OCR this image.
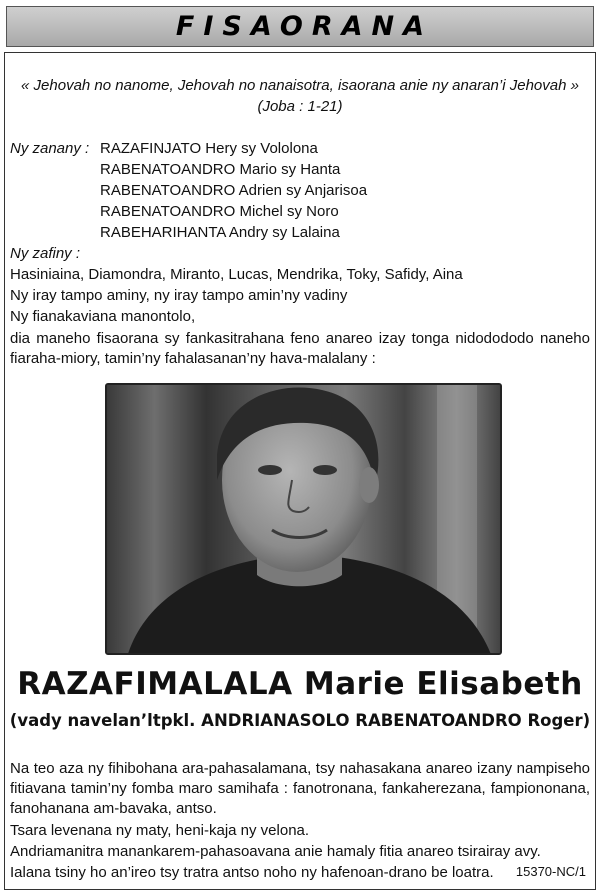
FISAORANA
« Jehovah no nanome, Jehovah no nanaisotra, isaorana anie ny anaran’i Jehovah »
(Joba : 1-21)
Ny zanany : RAZAFINJATO Hery sy Vololona
RABENATOANDRO Mario sy Hanta
RABENATOANDRO Adrien sy Anjarisoa
RABENATOANDRO Michel sy Noro
RABEHARIHANTA Andry sy Lalaina
Ny zafiny :
Hasiniaina, Diamondra, Miranto, Lucas, Mendrika, Toky, Safidy, Aina
Ny iray tampo aminy, ny iray tampo amin’ny vadiny
Ny fianakaviana manontolo,
dia maneho fisaorana sy fankasitrahana feno anareo izay tonga nidodododo naneho fiaraha-miory, tamin’ny fahalasanan’ny hava-malalany :
RAZAFIMALALA Marie Elisabeth
(vady navelan’ltpkl. ANDRIANASOLO RABENATOANDRO Roger)
Na teo aza ny fihibohana ara-pahasalamana, tsy nahasakana anareo izany nampiseho fitiavana tamin’ny fomba maro samihafa : fanotronana, fankaherezana, fampiononana, fanohanana am-bavaka, antso.
Tsara levenana ny maty, heni-kaja ny velona.
Andriamanitra manankarem-pahasoavana anie hamaly fitia anareo tsirairay avy.
Ialana tsiny ho an’ireo tsy tratra antso noho ny hafenoan-drano be loatra. 15370-NC/1
